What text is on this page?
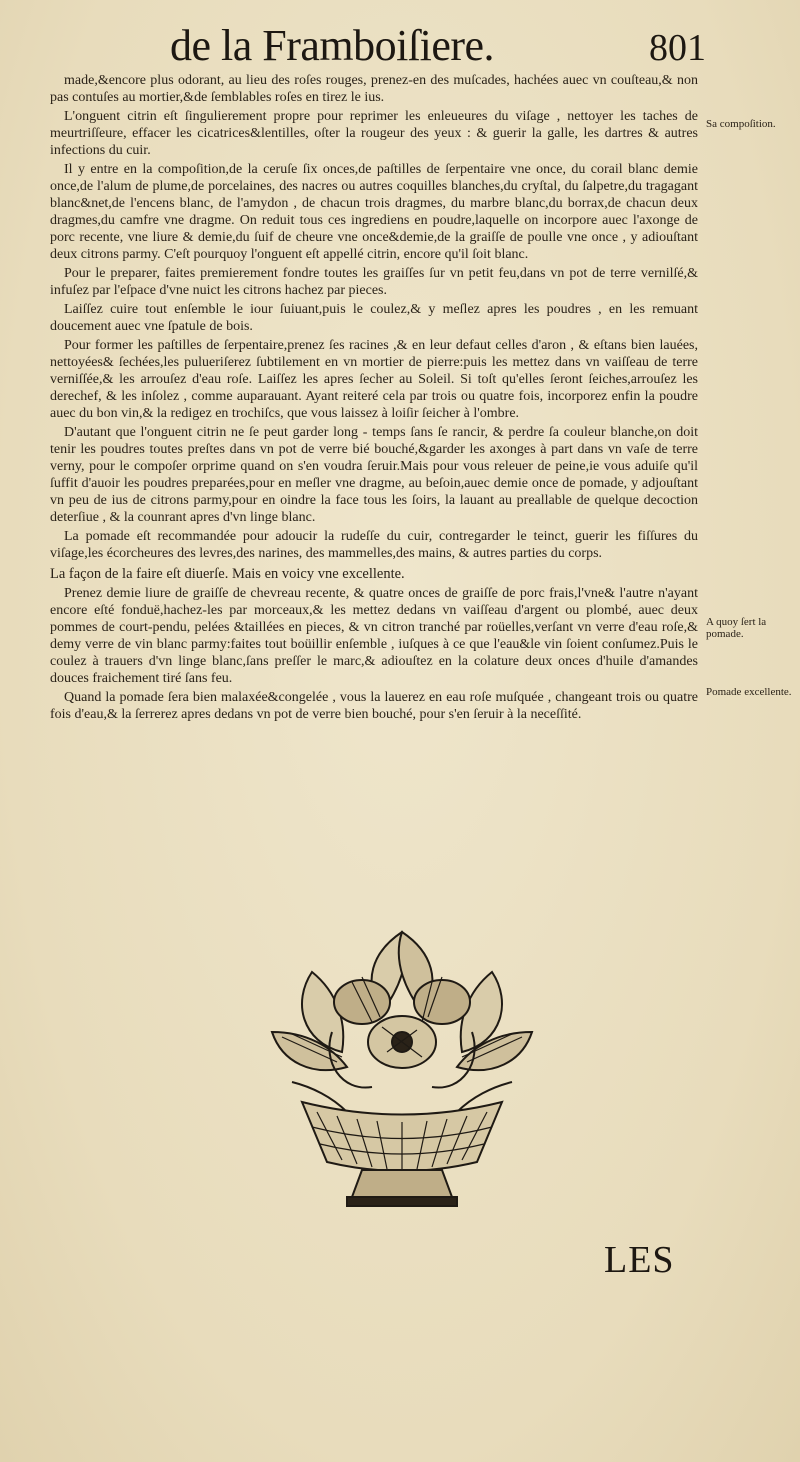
de la Framboiſiere.	801

made,&encore plus odorant, au lieu des roſes rouges, prenez-en des muſcades, hachées auec vn couſteau,& non pas contuſes au mortier,&de ſemblables roſes en tirez le ius.

L'onguent citrin eſt ſingulierement propre pour reprimer les enleueures du viſage , nettoyer les taches de meurtriſſeure, effacer les cicatrices&lentilles, oſter la rougeur des yeux : & guerir la galle, les dartres & autres infections du cuir.

Il y entre en la compoſition,de la ceruſe ſix onces,de paſtilles de ſerpentaire vne once, du corail blanc demie once,de l'alum de plume,de porcelaines, des nacres ou autres coquilles blanches,du cryſtal, du ſalpetre,du tragagant blanc&net,de l'encens blanc, de l'amydon , de chacun trois dragmes, du marbre blanc,du borrax,de chacun deux dragmes,du camfre vne dragme. On reduit tous ces ingrediens en poudre,laquelle on incorpore auec l'axonge de porc recente, vne liure & demie,du ſuif de cheure vne once&demie,de la graiſſe de poulle vne once , y adiouſtant deux citrons parmy. C'eſt pourquoy l'onguent eſt appellé citrin, encore qu'il ſoit blanc.

Pour le preparer, faites premierement fondre toutes les graiſſes ſur vn petit feu,dans vn pot de terre vernilſé,& infuſez par l'eſpace d'vne nuict les citrons hachez par pieces.

Laiſſez cuire tout enſemble le iour ſuiuant,puis le coulez,& y meſlez apres les poudres , en les remuant doucement auec vne ſpatule de bois.

Pour former les paſtilles de ſerpentaire,prenez ſes racines ,& en leur defaut celles d'aron , & eſtans bien lauées, nettoyées& ſechées,les pulueriſerez ſubtilement en vn mortier de pierre:puis les mettez dans vn vaiſſeau de terre verniſſée,& les arrouſez d'eau roſe. Laiſſez les apres ſecher au Soleil. Si toſt qu'elles ſeront ſeiches,arrouſez les derechef, & les inſolez , comme auparauant. Ayant reiteré cela par trois ou quatre fois, incorporez enfin la poudre auec du bon vin,& la redigez en trochiſcs, que vous laissez à loiſir ſeicher à l'ombre.

D'autant que l'onguent citrin ne ſe peut garder long - temps ſans ſe rancir, & perdre ſa couleur blanche,on doit tenir les poudres toutes preſtes dans vn pot de verre bié bouché,&garder les axonges à part dans vn vaſe de terre verny, pour le compoſer orprime quand on s'en voudra ſeruir.Mais pour vous releuer de peine,ie vous aduiſe qu'il ſuffit d'auoir les poudres preparées,pour en meſler vne dragme, au beſoin,auec demie once de pomade, y adjouſtant vn peu de ius de citrons parmy,pour en oindre la face tous les ſoirs, la lauant au preallable de quelque decoction deterſiue , & la counrant apres d'vn linge blanc.

La pomade eſt recommandée pour adoucir la rudeſſe du cuir, contregarder le teinct, guerir les fiſſures du viſage,les écorcheures des levres,des narines, des mammelles,des mains, & autres parties du corps.

La façon de la faire eſt diuerſe. Mais en voicy vne excellente.

Prenez demie liure de graiſſe de chevreau recente, & quatre onces de graiſſe de porc frais,l'vne& l'autre n'ayant encore eſté fonduë,hachez-les par morceaux,& les mettez dedans vn vaiſſeau d'argent ou plombé, auec deux pommes de court-pendu, pelées &taillées en pieces, & vn citron tranché par roüelles,verſant vn verre d'eau roſe,& demy verre de vin blanc parmy:faites tout boüillir enſemble , iuſques à ce que l'eau&le vin ſoient conſumez.Puis le coulez à trauers d'vn linge blanc,ſans preſſer le marc,& adiouſtez en la colature deux onces d'huile d'amandes douces fraichement tiré ſans feu.

Quand la pomade ſera bien malaxée&congelée , vous la lauerez en eau roſe muſquée , changeant trois ou quatre fois d'eau,& la ſerrerez apres dedans vn pot de verre bien bouché, pour s'en ſeruir à la neceſſité.

Sa compoſition.
A quoy ſert la pomade.
Pomade excellente.
LES
